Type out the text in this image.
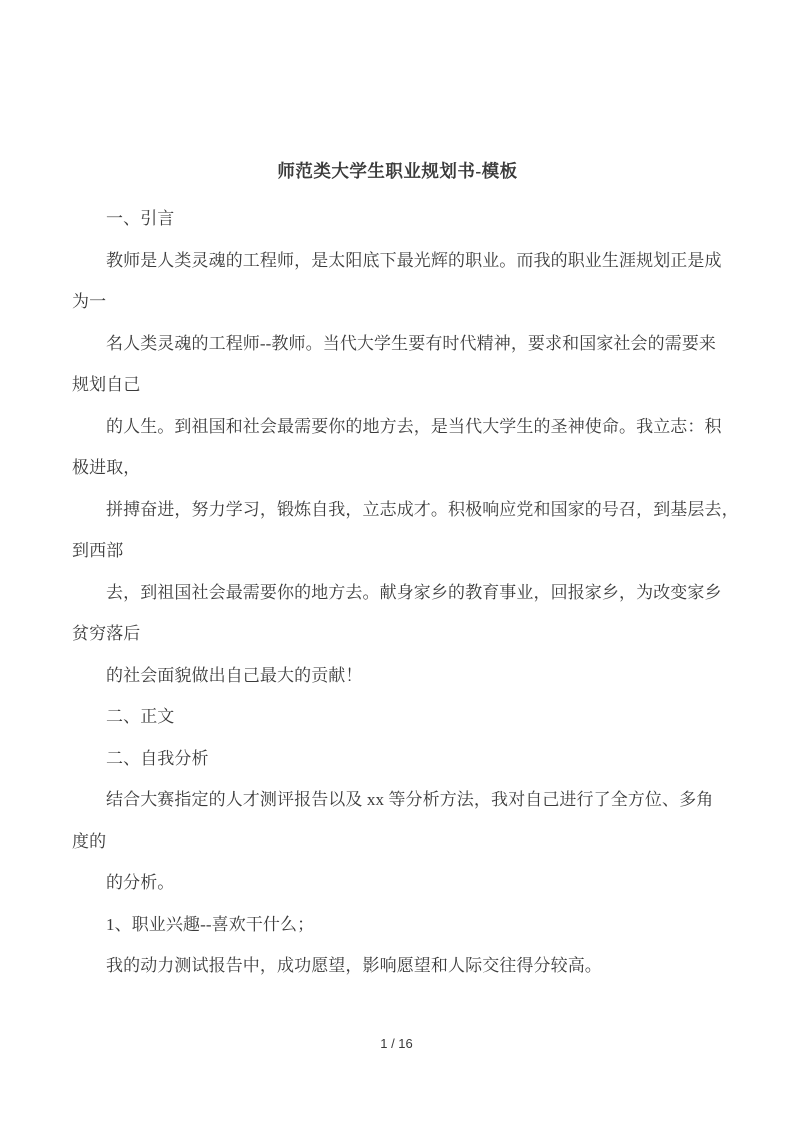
师范类大学生职业规划书-模板
一、引言
教师是人类灵魂的工程师，是太阳底下最光辉的职业。而我的职业生涯规划正是成
为一
名人类灵魂的工程师--教师。当代大学生要有时代精神，要求和国家社会的需要来
规划自己
的人生。到祖国和社会最需要你的地方去，是当代大学生的圣神使命。我立志：积
极进取，
拼搏奋进，努力学习，锻炼自我，立志成才。积极响应党和国家的号召，到基层去，
到西部
去，到祖国社会最需要你的地方去。献身家乡的教育事业，回报家乡，为改变家乡
贫穷落后
的社会面貌做出自己最大的贡献！
二、正文
二、自我分析
结合大赛指定的人才测评报告以及 xx 等分析方法，我对自己进行了全方位、多角
度的
的分析。
1、职业兴趣--喜欢干什么；
我的动力测试报告中，成功愿望，影响愿望和人际交往得分较高。
1 / 16
